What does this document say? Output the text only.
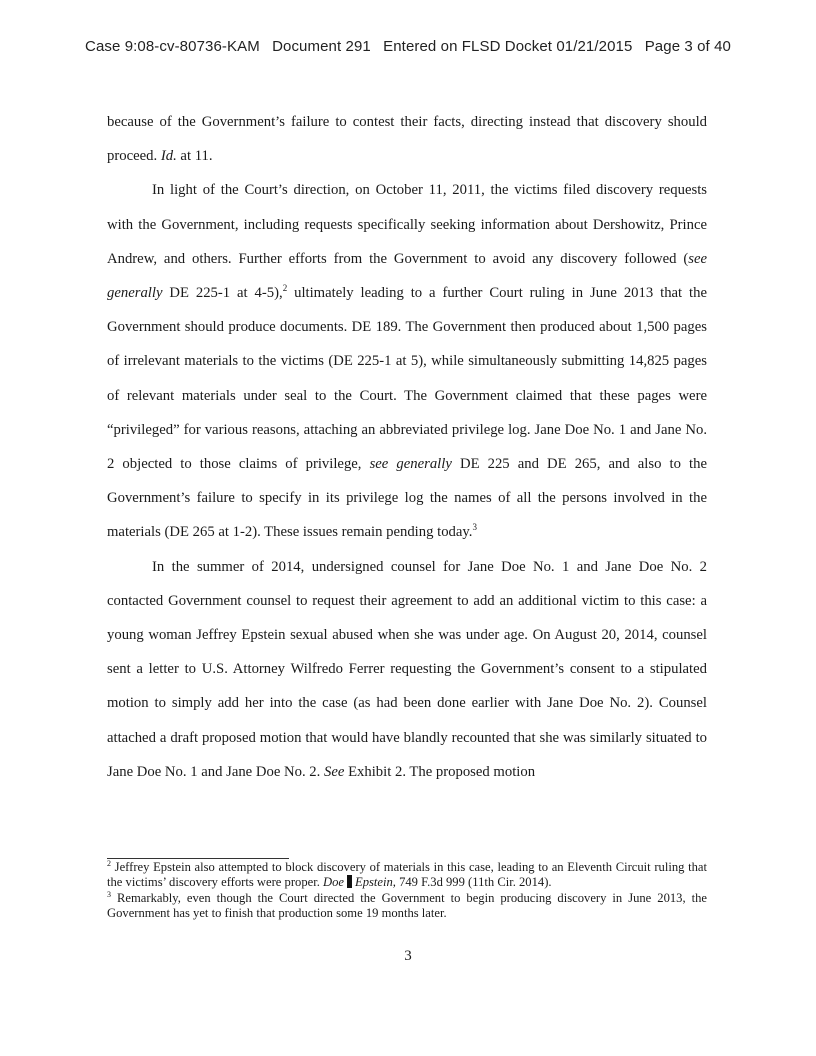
Case 9:08-cv-80736-KAM Document 291 Entered on FLSD Docket 01/21/2015 Page 3 of 40

because of the Government’s failure to contest their facts, directing instead that discovery should proceed. Id. at 11.

In light of the Court’s direction, on October 11, 2011, the victims filed discovery requests with the Government, including requests specifically seeking information about Dershowitz, Prince Andrew, and others. Further efforts from the Government to avoid any discovery followed (see generally DE 225-1 at 4-5),$^2$ ultimately leading to a further Court ruling in June 2013 that the Government should produce documents. DE 189. The Government then produced about 1,500 pages of irrelevant materials to the victims (DE 225-1 at 5), while simultaneously submitting 14,825 pages of relevant materials under seal to the Court. The Government claimed that these pages were “privileged” for various reasons, attaching an abbreviated privilege log. Jane Doe No. 1 and Jane No. 2 objected to those claims of privilege, see generally DE 225 and DE 265, and also to the Government’s failure to specify in its privilege log the names of all the persons involved in the materials (DE 265 at 1-2). These issues remain pending today.$^3$

In the summer of 2014, undersigned counsel for Jane Doe No. 1 and Jane Doe No. 2 contacted Government counsel to request their agreement to add an additional victim to this case: a young woman Jeffrey Epstein sexual abused when she was under age. On August 20, 2014, counsel sent a letter to U.S. Attorney Wilfredo Ferrer requesting the Government’s consent to a stipulated motion to simply add her into the case (as had been done earlier with Jane Doe No. 2). Counsel attached a draft proposed motion that would have blandly recounted that she was similarly situated to Jane Doe No. 1 and Jane Doe No. 2. See Exhibit 2. The proposed motion

$^2$ Jeffrey Epstein also attempted to block discovery of materials in this case, leading to an Eleventh Circuit ruling that the victims’ discovery efforts were proper. Doe Epstein, 749 F.3d 999 (11th Cir. 2014).

$^3$ Remarkably, even though the Court directed the Government to begin producing discovery in June 2013, the Government has yet to finish that production some 19 months later.

3
